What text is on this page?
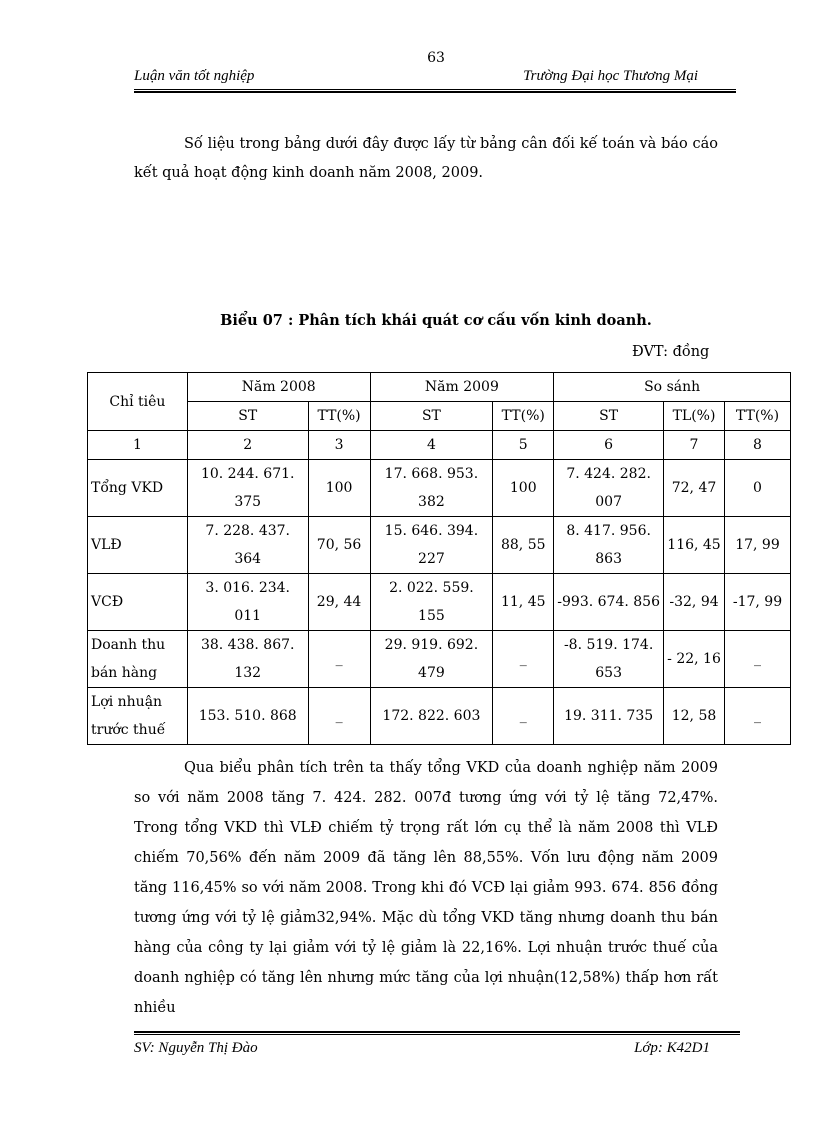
63
Luận văn tốt nghiệp	Trường Đại học Thương Mại
Số liệu trong bảng dưới đây được lấy từ bảng cân đối kế toán và báo cáo kết quả hoạt động kinh doanh năm 2008, 2009.
Biểu 07 : Phân tích khái quát cơ cấu vốn kinh doanh.
ĐVT: đồng
Chỉ tiêu	Năm 2008		Năm 2009		So sánh		
	ST	TT(%)	ST	TT(%)	ST	TL(%)	TT(%)
1	2	3	4	5	6	7	8
Tổng VKD	10. 244. 671. 375	100	17. 668. 953. 382	100	7. 424. 282. 007	72, 47	0
VLĐ	7. 228. 437. 364	70, 56	15. 646. 394. 227	88, 55	8. 417. 956. 863	116, 45	17, 99
VCĐ	3. 016. 234. 011	29, 44	2. 022. 559. 155	11, 45	-993. 674. 856	-32, 94	-17, 99
Doanh thu bán hàng	38. 438. 867. 132	_	29. 919. 692. 479	_	-8. 519. 174. 653	- 22, 16	_
Lợi nhuận trước thuế	153. 510. 868	_	172. 822. 603	_	19. 311. 735	12, 58	_
Qua biểu phân tích trên ta thấy tổng VKD của doanh nghiệp năm 2009 so với năm 2008 tăng 7. 424. 282. 007đ tương ứng với tỷ lệ tăng 72,47%. Trong tổng VKD thì VLĐ chiếm tỷ trọng rất lớn cụ thể là năm 2008 thì VLĐ chiếm 70,56% đến năm 2009 đã tăng lên 88,55%. Vốn lưu động năm 2009 tăng 116,45% so với năm 2008. Trong khi đó VCĐ lại giảm 993. 674. 856 đồng tương ứng với tỷ lệ giảm32,94%. Mặc dù tổng VKD tăng nhưng doanh thu bán hàng của công ty lại giảm với tỷ lệ giảm là 22,16%. Lợi nhuận trước thuế của doanh nghiệp có tăng lên nhưng mức tăng của lợi nhuận(12,58%) thấp hơn rất nhiều
SV: Nguyễn Thị Đào	Lớp: K42D1
